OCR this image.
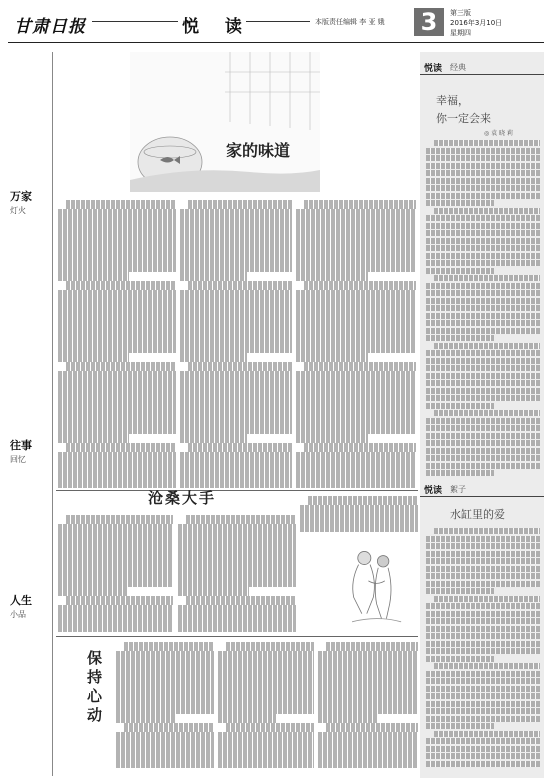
甘肃日报	悦 读	本版责任编辑 李 亚 娥 3	第三版
2016年3月10日
星期四
万家
灯火
往事
回忆
人生
小品
家的味道
沧桑大手
保持心动
悦读 经典
幸福，
你一定会来
◎ 袁 晓 莉
悦读 絮子
水缸里的爱
